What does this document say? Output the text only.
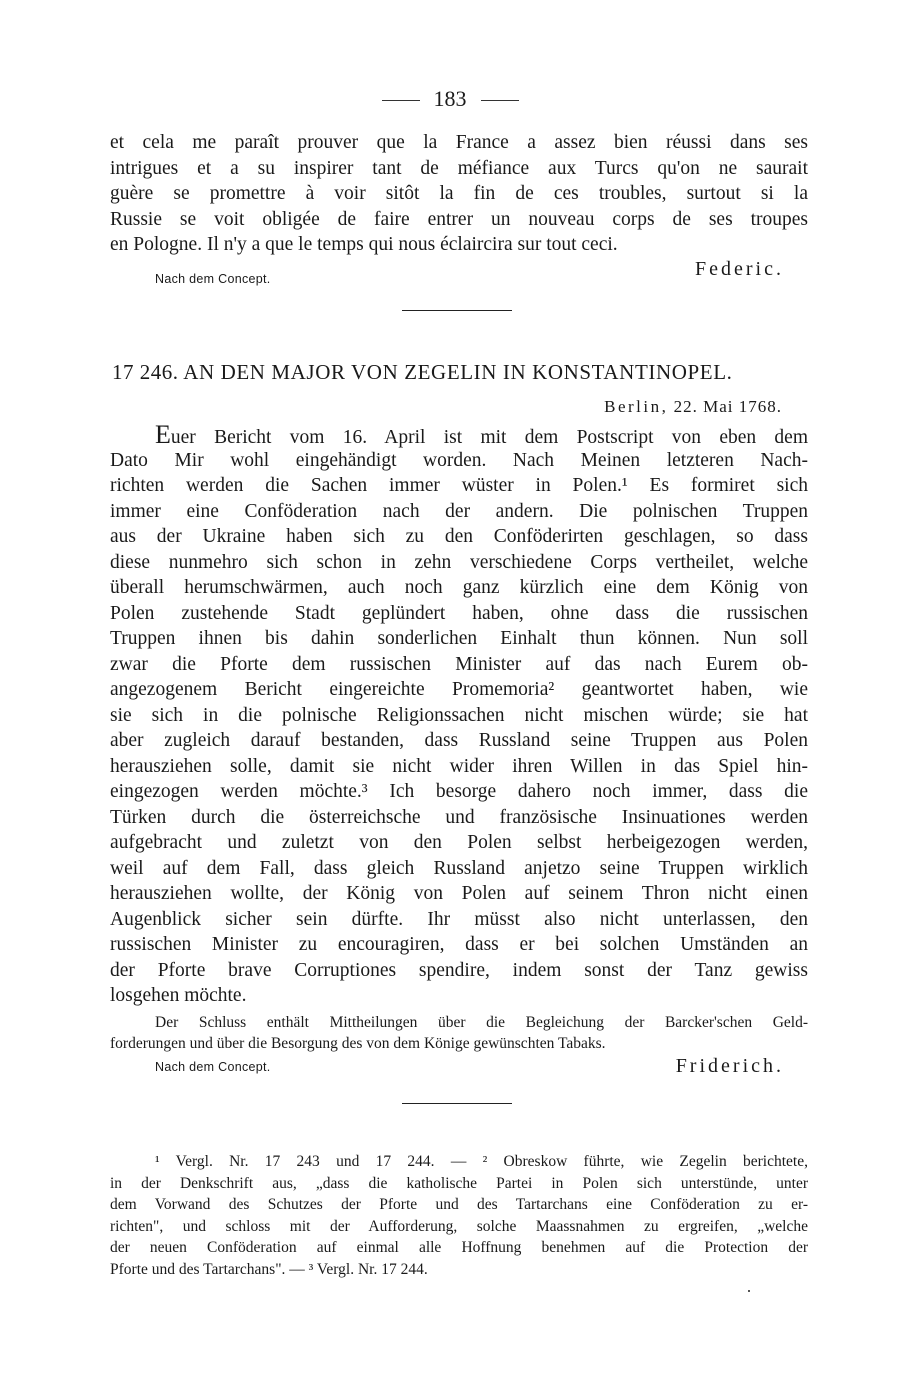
183
et cela me paraît prouver que la France a assez bien réussi dans ses
intrigues et a su inspirer tant de méfiance aux Turcs qu'on ne saurait
guère se promettre à voir sitôt la fin de ces troubles, surtout si la
Russie se voit obligée de faire entrer un nouveau corps de ses troupes
en Pologne. Il n'y a que le temps qui nous éclaircira sur tout ceci.
Nach dem Concept.	Federic.
17 246. AN DEN MAJOR VON ZEGELIN IN KONSTANTINOPEL.
Berlin, 22. Mai 1768.
Euer Bericht vom 16. April ist mit dem Postscript von eben dem
Dato Mir wohl eingehändigt worden. Nach Meinen letzteren Nach-
richten werden die Sachen immer wüster in Polen.¹ Es formiret sich
immer eine Conföderation nach der andern. Die polnischen Truppen
aus der Ukraine haben sich zu den Conföderirten geschlagen, so dass
diese nunmehro sich schon in zehn verschiedene Corps vertheilet, welche
überall herumschwärmen, auch noch ganz kürzlich eine dem König von
Polen zustehende Stadt geplündert haben, ohne dass die russischen
Truppen ihnen bis dahin sonderlichen Einhalt thun können. Nun soll
zwar die Pforte dem russischen Minister auf das nach Eurem ob-
angezogenem Bericht eingereichte Promemoria² geantwortet haben, wie
sie sich in die polnische Religionssachen nicht mischen würde; sie hat
aber zugleich darauf bestanden, dass Russland seine Truppen aus Polen
herausziehen solle, damit sie nicht wider ihren Willen in das Spiel hin-
eingezogen werden möchte.³ Ich besorge dahero noch immer, dass die
Türken durch die österreichsche und französische Insinuationes werden
aufgebracht und zuletzt von den Polen selbst herbeigezogen werden,
weil auf dem Fall, dass gleich Russland anjetzo seine Truppen wirklich
herausziehen wollte, der König von Polen auf seinem Thron nicht einen
Augenblick sicher sein dürfte. Ihr müsst also nicht unterlassen, den
russischen Minister zu encouragiren, dass er bei solchen Umständen an
der Pforte brave Corruptiones spendire, indem sonst der Tanz gewiss
losgehen möchte.
Der Schluss enthält Mittheilungen über die Begleichung der Barcker'schen Geld-
forderungen und über die Besorgung des von dem Könige gewünschten Tabaks.
Nach dem Concept.	Friderich.
¹ Vergl. Nr. 17 243 und 17 244. — ² Obreskow führte, wie Zegelin berichtete,
in der Denkschrift aus, „dass die katholische Partei in Polen sich unterstünde, unter
dem Vorwand des Schutzes der Pforte und des Tartarchans eine Conföderation zu er-
richten", und schloss mit der Aufforderung, solche Maassnahmen zu ergreifen, „welche
der neuen Conföderation auf einmal alle Hoffnung benehmen auf die Protection der
Pforte und des Tartarchans". — ³ Vergl. Nr. 17 244.
